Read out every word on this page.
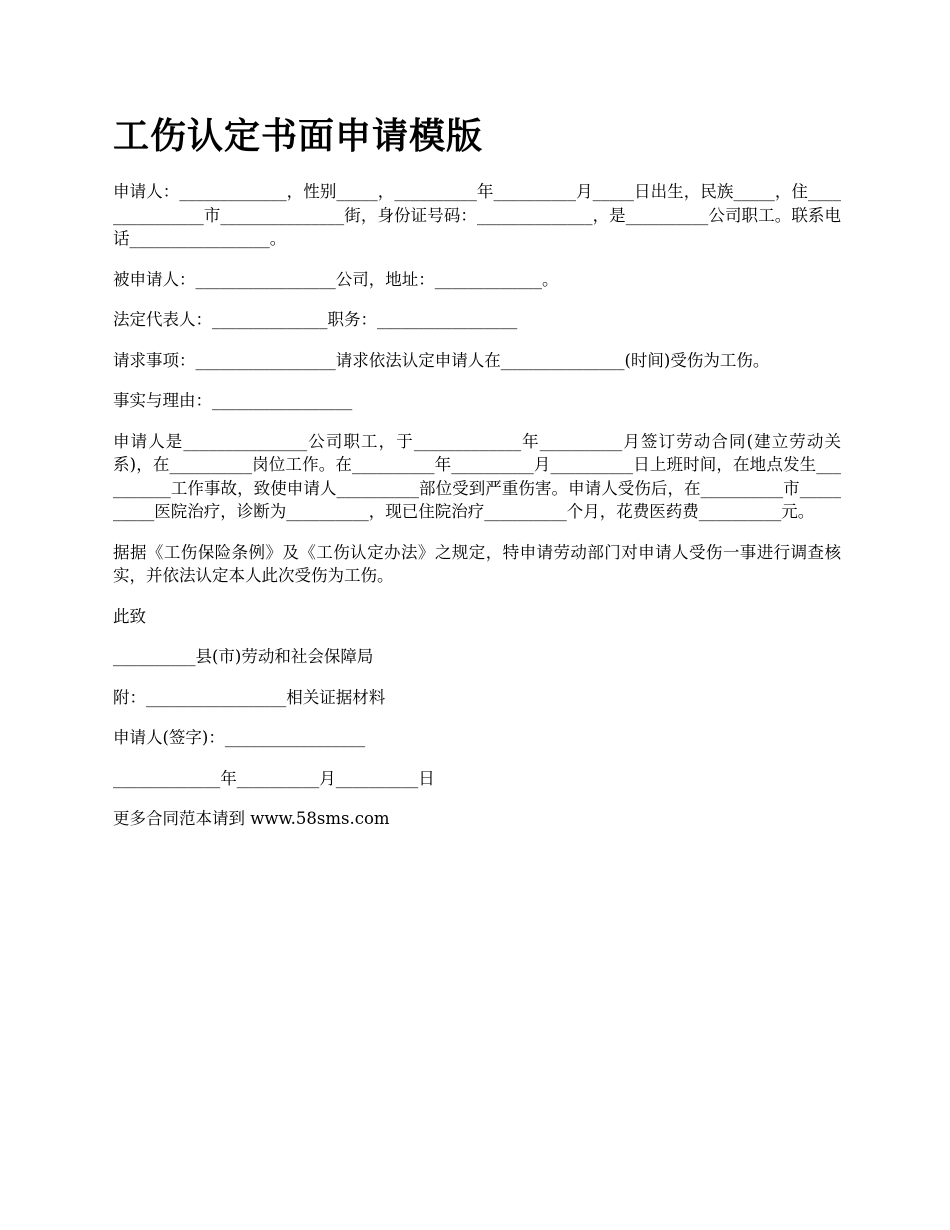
工伤认定书面申请模版

申请人：_____________，性别_____，__________年__________月_____日出生，民族_____，住_______________市_______________街，身份证号码：______________，是__________公司职工。联系电话_________________。

被申请人：_________________公司，地址：_____________。

法定代表人：______________职务：_________________

请求事项：_________________请求依法认定申请人在_______________(时间)受伤为工伤。

事实与理由：_________________

申请人是_______________公司职工，于_____________年__________月签订劳动合同(建立劳动关系)，在__________岗位工作。在__________年__________月__________日上班时间，在地点发生__________工作事故，致使申请人__________部位受到严重伤害。申请人受伤后，在__________市__________医院治疗，诊断为__________，现已住院治疗__________个月，花费医药费__________元。

据据《工伤保险条例》及《工伤认定办法》之规定，特申请劳动部门对申请人受伤一事进行调查核实，并依法认定本人此次受伤为工伤。

此致

__________县(市)劳动和社会保障局

附：_________________相关证据材料

申请人(签字)：_________________

_____________年__________月__________日

更多合同范本请到 www.58sms.com
